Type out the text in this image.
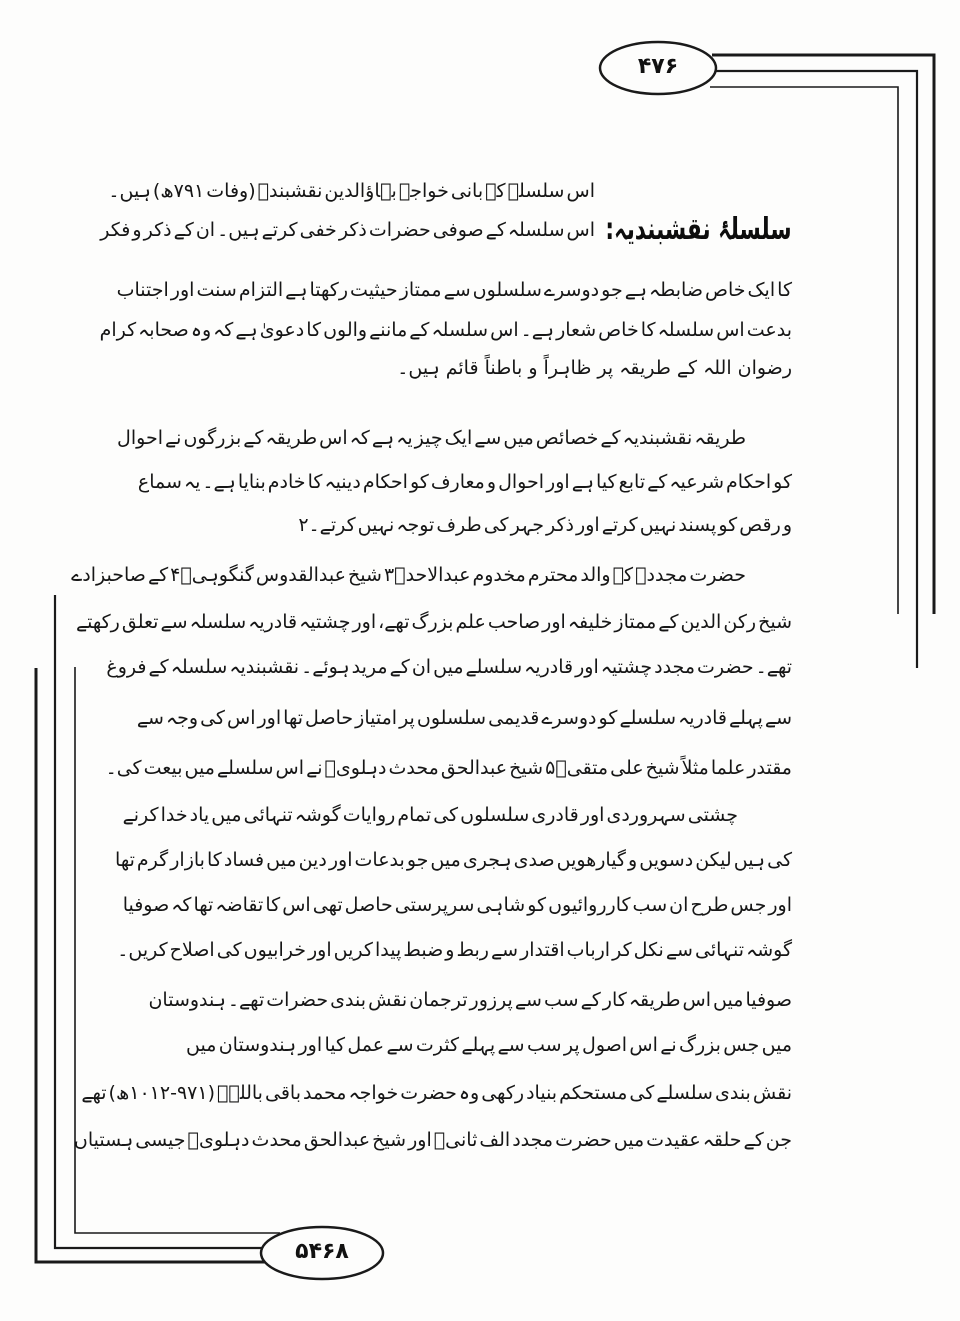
۴۷۶
۵۴۶۸
سلسلۂ نقشبندیہ:
اس سلسلہ کے بانی خواجہ بہاؤالدین نقشبندؒ (وفات ۷۹۱ھ) ہیں۔
اس سلسلہ کے صوفی حضرات ذکر خفی کرتے ہیں۔ ان کے ذکر و فکر
کا ایک خاص ضابطہ ہے جو دوسرے سلسلوں سے ممتاز حیثیت رکھتا ہے التزام سنت اور اجتناب
بدعت اس سلسلہ کا خاص شعار ہے۔ اس سلسلہ کے ماننے والوں کا دعویٰ ہے کہ وہ صحابہ کرام
رضوان اللہ کے طریقہ پر ظاہراً و باطناً قائم ہیں۔
طریقہ نقشبندیہ کے خصائص میں سے ایک چیز یہ ہے کہ اس طریقہ کے بزرگوں نے احوال
کو احکام شرعیہ کے تابع کیا ہے اور احوال و معارف کو احکام دینیہ کا خادم بنایا ہے۔ یہ سماع
و رقص کو پسند نہیں کرتے اور ذکر جہر کی طرف توجہ نہیں کرتے۔۲
حضرت مجددؒ کے والد محترم مخدوم عبدالاحدؒ۳ شیخ عبدالقدوس گنگوہیؒ۴ کے صاحبزادے
شیخ رکن الدین کے ممتاز خلیفہ اور صاحب علم بزرگ تھے، اور چشتیہ قادریہ سلسلہ سے تعلق رکھتے
تھے۔ حضرت مجدد چشتیہ اور قادریہ سلسلے میں ان کے مرید ہوئے۔ نقشبندیہ سلسلہ کے فروغ
سے پہلے قادریہ سلسلے کو دوسرے قدیمی سلسلوں پر امتیاز حاصل تھا اور اس کی وجہ سے
مقتدر علما مثلاً شیخ علی متقیؒ۵ شیخ عبدالحق محدث دہلویؒ نے اس سلسلے میں بیعت کی۔
چشتی سہروردی اور قادری سلسلوں کی تمام روایات گوشہ تنہائی میں یاد خدا کرنے
کی ہیں لیکن دسویں و گیارھویں صدی ہجری میں جو بدعات اور دین میں فساد کا بازار گرم تھا
اور جس طرح ان سب کارروائیوں کو شاہی سرپرستی حاصل تھی اس کا تقاضہ تھا کہ صوفیا
گوشہ تنہائی سے نکل کر ارباب اقتدار سے ربط و ضبط پیدا کریں اور خرابیوں کی اصلاح کریں۔
صوفیا میں اس طریقہ کار کے سب سے پرزور ترجمان نقش بندی حضرات تھے۔ ہندوستان
میں جس بزرگ نے اس اصول پر سب سے پہلے کثرت سے عمل کیا اور ہندوستان میں
نقش بندی سلسلے کی مستحکم بنیاد رکھی وہ حضرت خواجہ محمد باقی باللہؒ (۹۷۱-۱۰۱۲ھ) تھے
جن کے حلقہ عقیدت میں حضرت مجدد الف ثانیؒ اور شیخ عبدالحق محدث دہلویؒ جیسی ہستیاں
